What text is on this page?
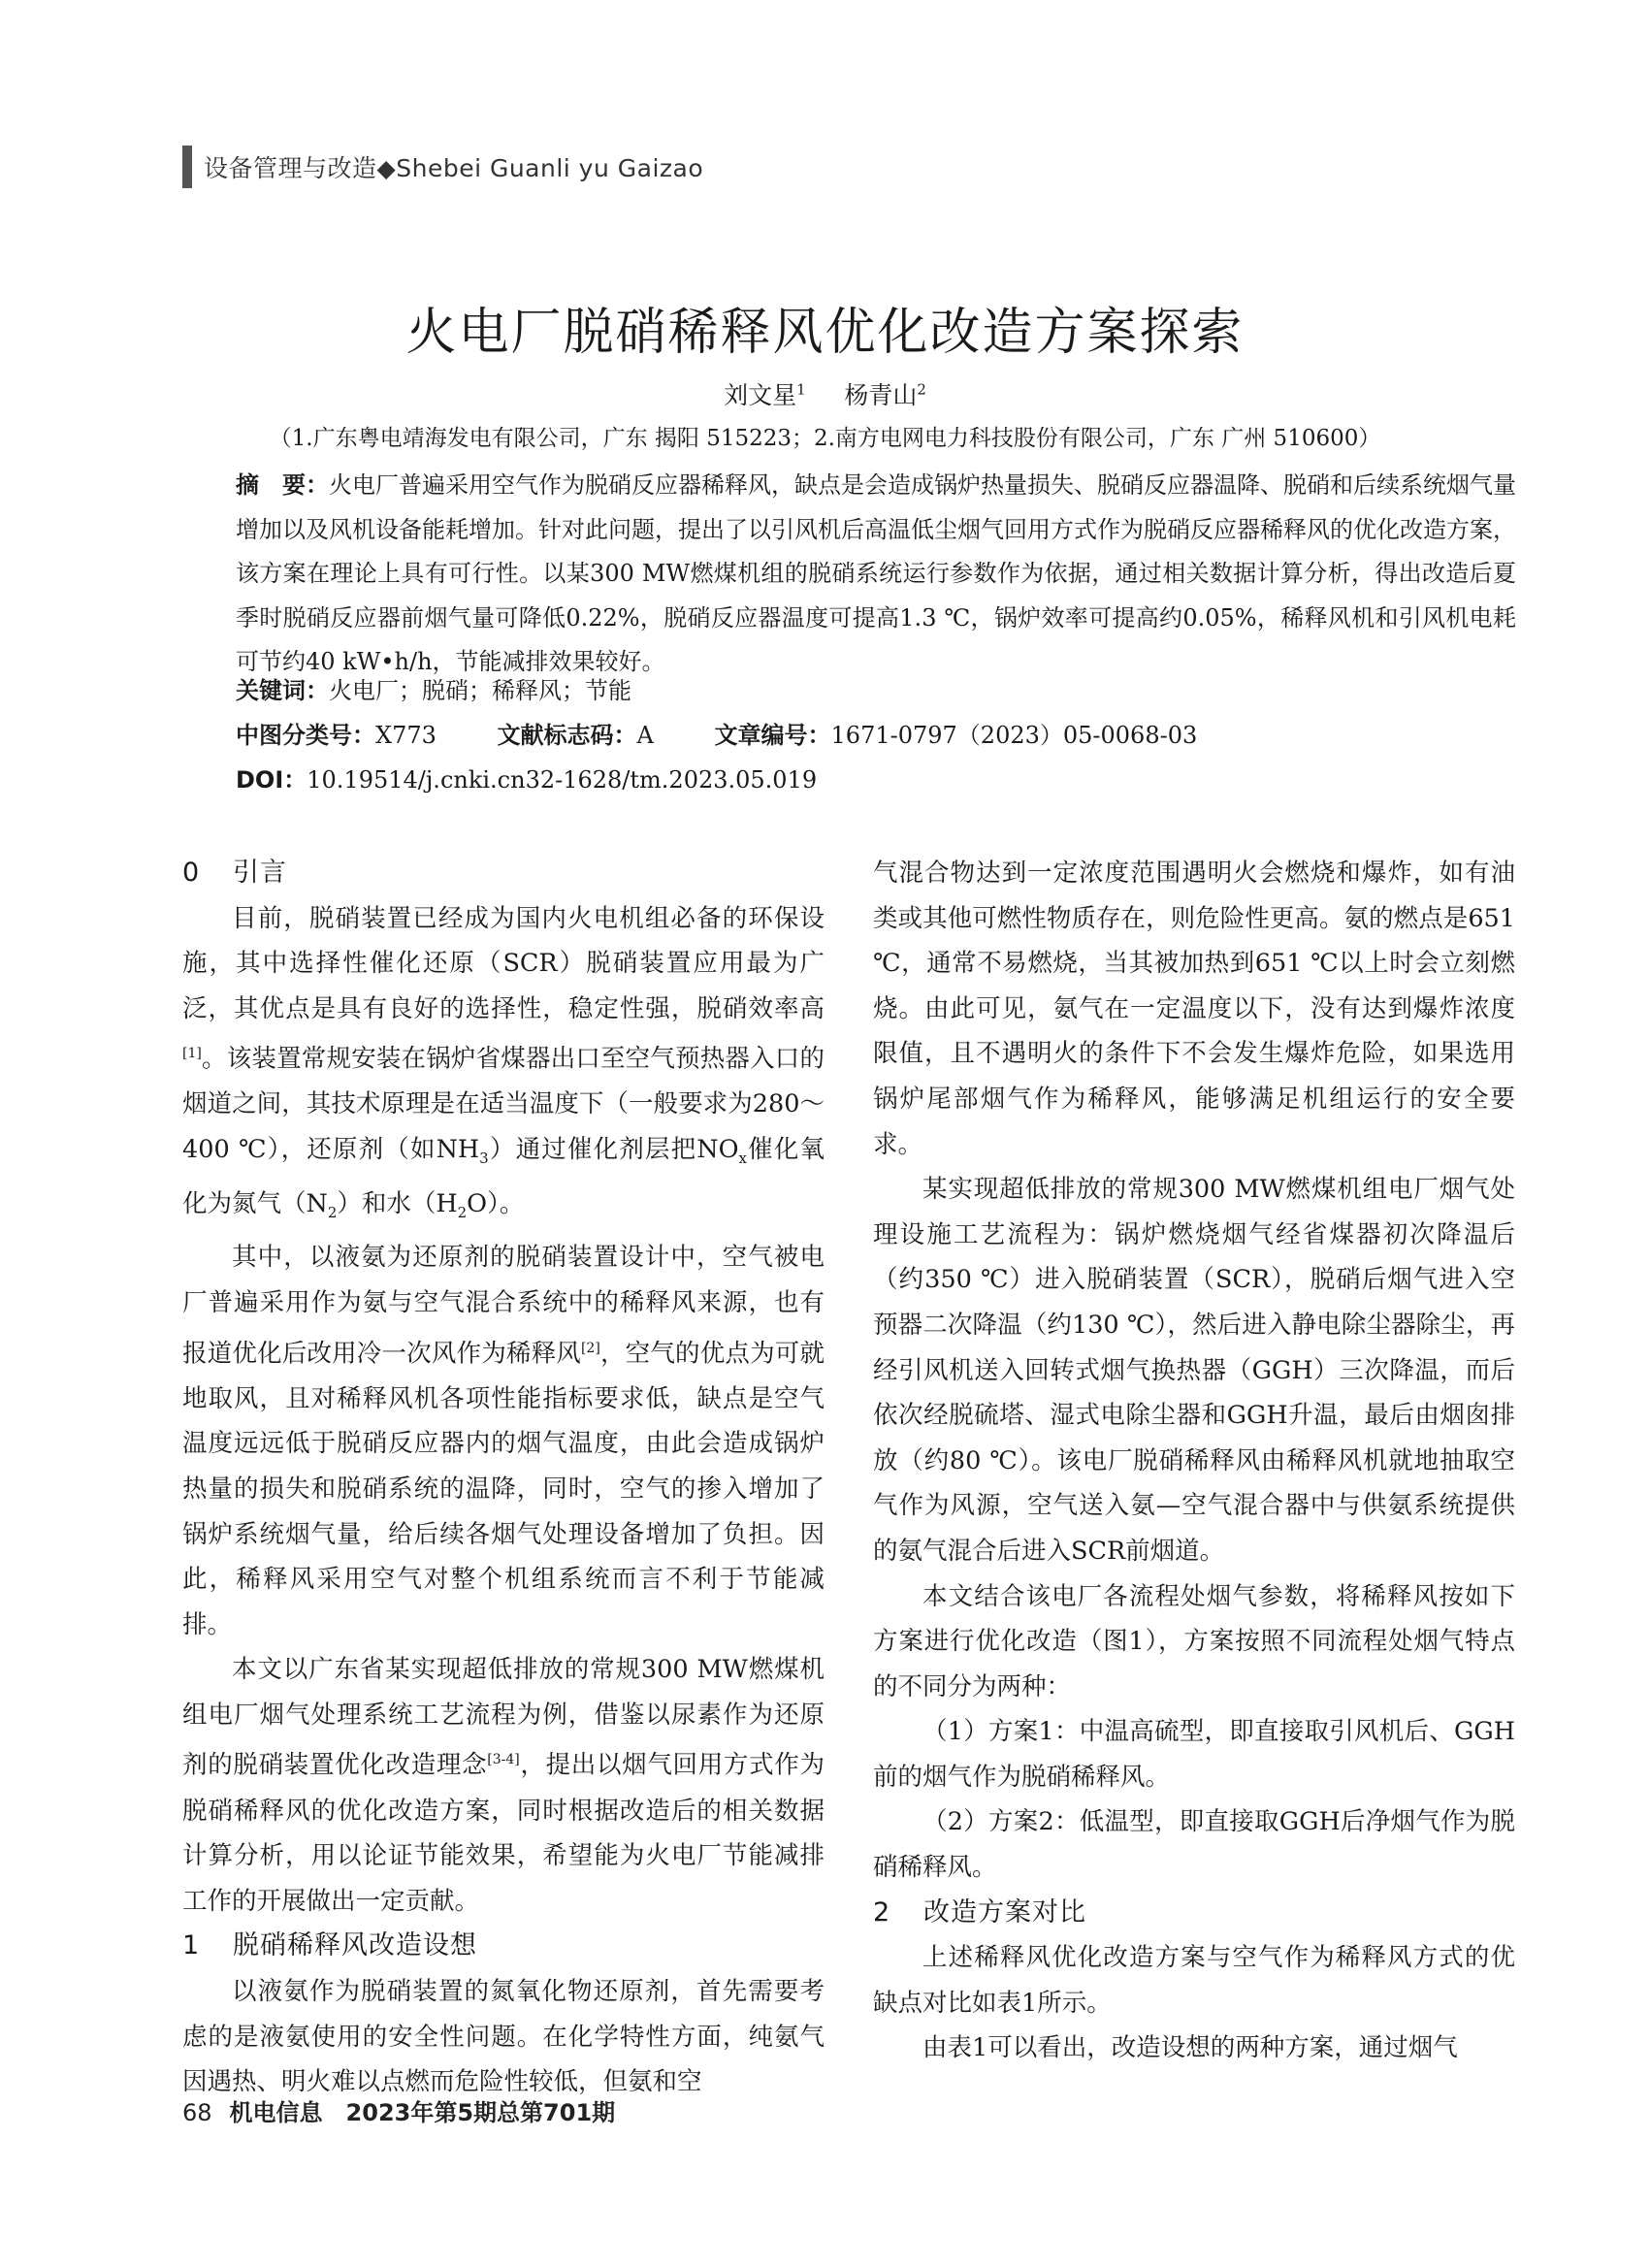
设备管理与改造◆Shebei Guanli yu Gaizao
火电厂脱硝稀释风优化改造方案探索
刘文星$^1$ 杨青山$^2$
（1.广东粤电靖海发电有限公司，广东 揭阳 515223；2.南方电网电力科技股份有限公司，广东 广州 510600）
摘　要：火电厂普遍采用空气作为脱硝反应器稀释风，缺点是会造成锅炉热量损失、脱硝反应器温降、脱硝和后续系统烟气量增加以及风机设备能耗增加。针对此问题，提出了以引风机后高温低尘烟气回用方式作为脱硝反应器稀释风的优化改造方案，该方案在理论上具有可行性。以某300 MW燃煤机组的脱硝系统运行参数作为依据，通过相关数据计算分析，得出改造后夏季时脱硝反应器前烟气量可降低0.22%，脱硝反应器温度可提高1.3 ℃，锅炉效率可提高约0.05%，稀释风机和引风机电耗可节约40 kW•h/h，节能减排效果较好。
关键词：火电厂；脱硝；稀释风；节能
中图分类号：X773	文献标志码：A	文章编号：1671-0797（2023）05-0068-03
DOI：10.19514/j.cnki.cn32-1628/tm.2023.05.019
0 引言

目前，脱硝装置已经成为国内火电机组必备的环保设施，其中选择性催化还原（SCR）脱硝装置应用最为广泛，其优点是具有良好的选择性，稳定性强，脱硝效率高[1]。该装置常规安装在锅炉省煤器出口至空气预热器入口的烟道之间，其技术原理是在适当温度下（一般要求为280～400 ℃），还原剂（如$NH_3$）通过催化剂层把$NO_x$催化氧化为氮气$(N_2)$和水$(H_2O)$。

其中，以液氨为还原剂的脱硝装置设计中，空气被电厂普遍采用作为氨与空气混合系统中的稀释风来源，也有报道优化后改用冷一次风作为稀释风[2]，空气的优点为可就地取风，且对稀释风机各项性能指标要求低，缺点是空气温度远远低于脱硝反应器内的烟气温度，由此会造成锅炉热量的损失和脱硝系统的温降，同时，空气的掺入增加了锅炉系统烟气量，给后续各烟气处理设备增加了负担。因此，稀释风采用空气对整个机组系统而言不利于节能减排。

本文以广东省某实现超低排放的常规300 MW燃煤机组电厂烟气处理系统工艺流程为例，借鉴以尿素作为还原剂的脱硝装置优化改造理念[3-4]，提出以烟气回用方式作为脱硝稀释风的优化改造方案，同时根据改造后的相关数据计算分析，用以论证节能效果，希望能为火电厂节能减排工作的开展做出一定贡献。

1 脱硝稀释风改造设想

以液氨作为脱硝装置的氮氧化物还原剂，首先需要考虑的是液氨使用的安全性问题。在化学特性方面，纯氨气因遇热、明火难以点燃而危险性较低，但氨和空

气混合物达到一定浓度范围遇明火会燃烧和爆炸，如有油类或其他可燃性物质存在，则危险性更高。氨的燃点是651 ℃，通常不易燃烧，当其被加热到651 ℃以上时会立刻燃烧。由此可见，氨气在一定温度以下，没有达到爆炸浓度限值，且不遇明火的条件下不会发生爆炸危险，如果选用锅炉尾部烟气作为稀释风，能够满足机组运行的安全要求。

某实现超低排放的常规300 MW燃煤机组电厂烟气处理设施工艺流程为：锅炉燃烧烟气经省煤器初次降温后（约350 ℃）进入脱硝装置（SCR），脱硝后烟气进入空预器二次降温（约130 ℃），然后进入静电除尘器除尘，再经引风机送入回转式烟气换热器（GGH）三次降温，而后依次经脱硫塔、湿式电除尘器和GGH升温，最后由烟囱排放（约80 ℃）。该电厂脱硝稀释风由稀释风机就地抽取空气作为风源，空气送入氨—空气混合器中与供氨系统提供的氨气混合后进入SCR前烟道。

本文结合该电厂各流程处烟气参数，将稀释风按如下方案进行优化改造（图1），方案按照不同流程处烟气特点的不同分为两种：

（1）方案1：中温高硫型，即直接取引风机后、GGH前的烟气作为脱硝稀释风。

（2）方案2：低温型，即直接取GGH后净烟气作为脱硝稀释风。

2 改造方案对比

上述稀释风优化改造方案与空气作为稀释风方式的优缺点对比如表1所示。

由表1可以看出，改造设想的两种方案，通过烟气

68 机电信息　2023年第5期总第701期
